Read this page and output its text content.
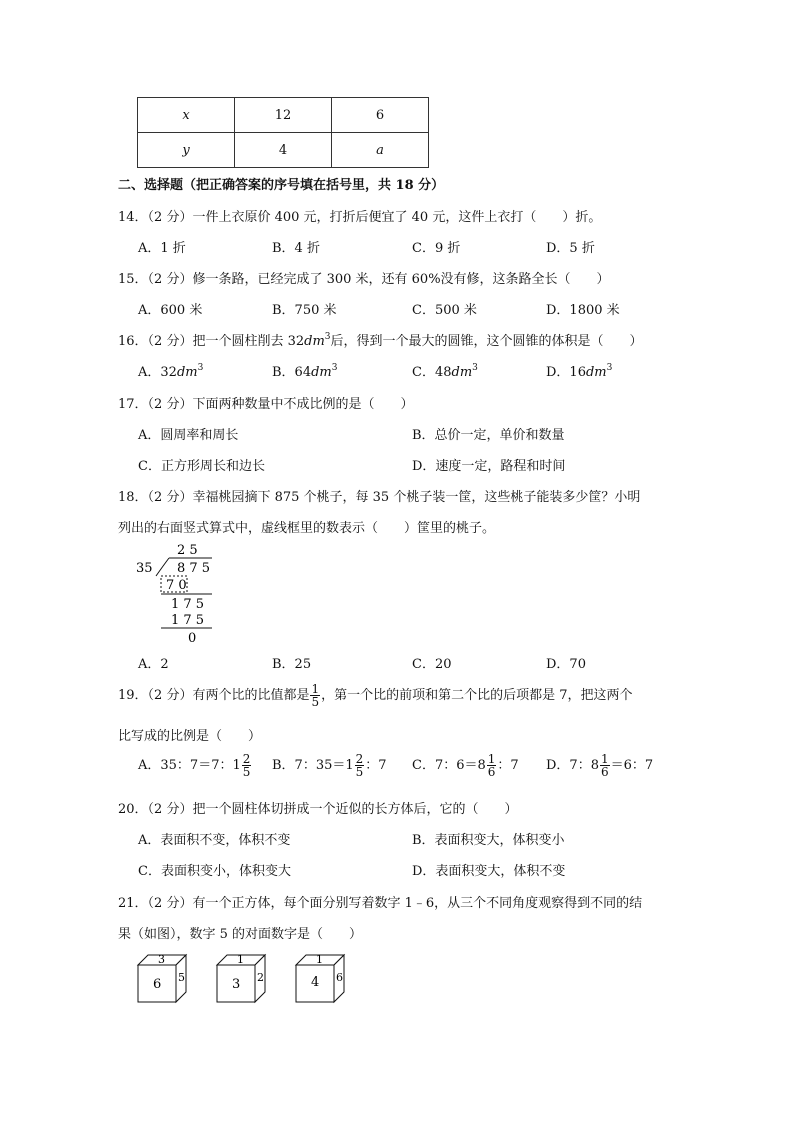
x	12	6
y	4	a
二、选择题（把正确答案的序号填在括号里，共 18 分）
14．（2 分）一件上衣原价 400 元，打折后便宜了 40 元，这件上衣打（　　）折。
A．1 折	B．4 折	C．9 折	D．5 折
15．（2 分）修一条路，已经完成了 300 米，还有 60%没有修，这条路全长（　　）
A．600 米	B．750 米	C．500 米	D．1800 米
16．（2 分）把一个圆柱削去 $32dm^3$后，得到一个最大的圆锥，这个圆锥的体积是（　　）
A．$32dm^3$	B．$64dm^3$	C．$48dm^3$	D．$16dm^3$
17．（2 分）下面两种数量中不成比例的是（　　）
A．圆周率和周长	B．总价一定，单价和数量
C．正方形周长和边长	D．速度一定，路程和时间
18．（2 分）幸福桃园摘下 875 个桃子，每 35 个桃子装一筐，这些桃子能装多少筐？小明
列出的右面竖式算式中，虚线框里的数表示（　　）筐里的桃子。
2 5
35 8 7 5
7 0
1 7 5
1 7 5
0
A．2	B．25	C．20	D．70
19．（2 分）有两个比的比值都是 $\frac{1}{5}$ ，第一个比的前项和第二个比的后项都是 7，把这两个
比写成的比例是（　　）
A．35：7＝7：$1 \frac{2}{5}$ B．7：$35=1 \frac{2}{5}$ ：7 C．7：$6=8 \frac{1}{6}$ ：7 D．7：$8 \frac{1}{6} =6$：7
20．（2 分）把一个圆柱体切拼成一个近似的长方体后，它的（　　）
A．表面积不变，体积不变	B．表面积变大，体积变小
C．表面积变小，体积变大	D．表面积变大，体积不变
21．（2 分）有一个正方体，每个面分别写着数字 1﹣6，从三个不同角度观察得到不同的结
果（如图），数字 5 的对面数字是（　　）
6
3
5	3
1
2	4
1
6
